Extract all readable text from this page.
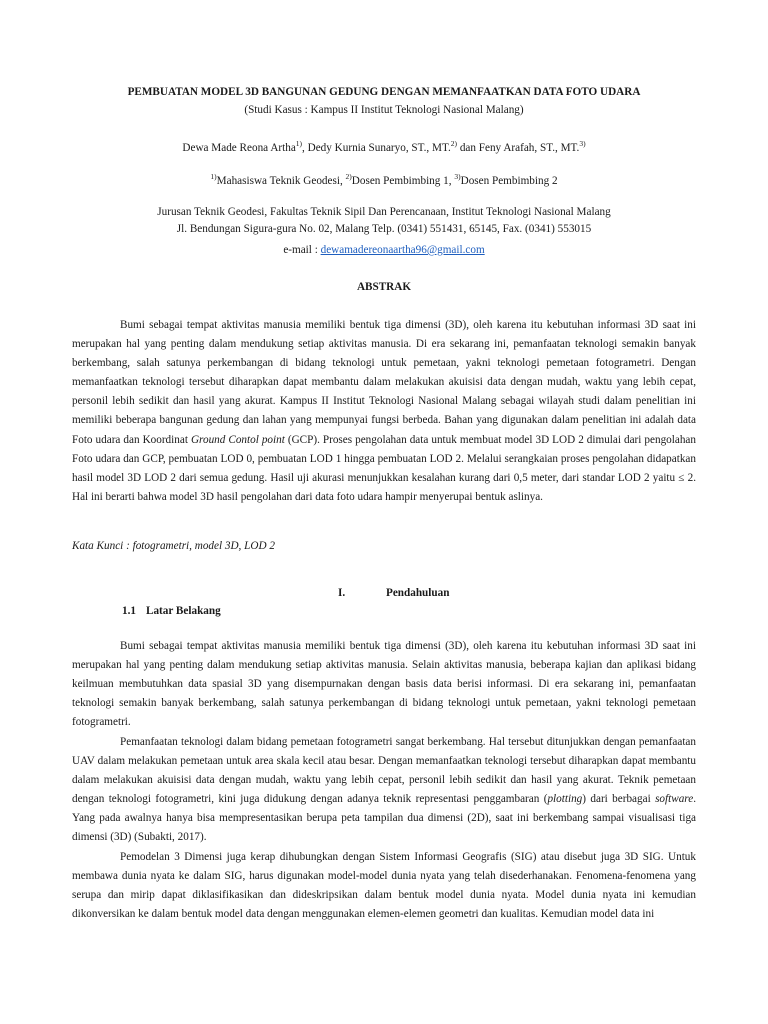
PEMBUATAN MODEL 3D BANGUNAN GEDUNG DENGAN MEMANFAATKAN DATA FOTO UDARA
(Studi Kasus : Kampus II Institut Teknologi Nasional Malang)
Dewa Made Reona Artha$^{1)}$, Dedy Kurnia Sunaryo, ST., MT.$^{2)}$ dan Feny Arafah, ST., MT.$^{3)}$
$^{1)}$Mahasiswa Teknik Geodesi, $^{2)}$Dosen Pembimbing 1, $^{3)}$Dosen Pembimbing 2
Jurusan Teknik Geodesi, Fakultas Teknik Sipil Dan Perencanaan, Institut Teknologi Nasional Malang
Jl. Bendungan Sigura-gura No. 02, Malang Telp. (0341) 551431, 65145, Fax. (0341) 553015
e-mail : dewamadereonaartha96@gmail.com
ABSTRAK
Bumi sebagai tempat aktivitas manusia memiliki bentuk tiga dimensi (3D), oleh karena itu kebutuhan informasi 3D saat ini merupakan hal yang penting dalam mendukung setiap aktivitas manusia. Di era sekarang ini, pemanfaatan teknologi semakin banyak berkembang, salah satunya perkembangan di bidang teknologi untuk pemetaan, yakni teknologi pemetaan fotogrametri. Dengan memanfaatkan teknologi tersebut diharapkan dapat membantu dalam melakukan akuisisi data dengan mudah, waktu yang lebih cepat, personil lebih sedikit dan hasil yang akurat. Kampus II Institut Teknologi Nasional Malang sebagai wilayah studi dalam penelitian ini memiliki beberapa bangunan gedung dan lahan yang mempunyai fungsi berbeda. Bahan yang digunakan dalam penelitian ini adalah data Foto udara dan Koordinat Ground Contol point (GCP). Proses pengolahan data untuk membuat model 3D LOD 2 dimulai dari pengolahan Foto udara dan GCP, pembuatan LOD 0, pembuatan LOD 1 hingga pembuatan LOD 2. Melalui serangkaian proses pengolahan didapatkan hasil model 3D LOD 2 dari semua gedung. Hasil uji akurasi menunjukkan kesalahan kurang dari 0,5 meter, dari standar LOD 2 yaitu ≤ 2. Hal ini berarti bahwa model 3D hasil pengolahan dari data foto udara hampir menyerupai bentuk aslinya.
Kata Kunci : fotogrametri, model 3D, LOD 2
I.	Pendahuluan
1.1 Latar Belakang
Bumi sebagai tempat aktivitas manusia memiliki bentuk tiga dimensi (3D), oleh karena itu kebutuhan informasi 3D saat ini merupakan hal yang penting dalam mendukung setiap aktivitas manusia. Selain aktivitas manusia, beberapa kajian dan aplikasi bidang keilmuan membutuhkan data spasial 3D yang disempurnakan dengan basis data berisi informasi. Di era sekarang ini, pemanfaatan teknologi semakin banyak berkembang, salah satunya perkembangan di bidang teknologi untuk pemetaan, yakni teknologi pemetaan fotogrametri.
Pemanfaatan teknologi dalam bidang pemetaan fotogrametri sangat berkembang. Hal tersebut ditunjukkan dengan pemanfaatan UAV dalam melakukan pemetaan untuk area skala kecil atau besar. Dengan memanfaatkan teknologi tersebut diharapkan dapat membantu dalam melakukan akuisisi data dengan mudah, waktu yang lebih cepat, personil lebih sedikit dan hasil yang akurat. Teknik pemetaan dengan teknologi fotogrametri, kini juga didukung dengan adanya teknik representasi penggambaran (plotting) dari berbagai software. Yang pada awalnya hanya bisa mempresentasikan berupa peta tampilan dua dimensi (2D), saat ini berkembang sampai visualisasi tiga dimensi (3D) (Subakti, 2017).
Pemodelan 3 Dimensi juga kerap dihubungkan dengan Sistem Informasi Geografis (SIG) atau disebut juga 3D SIG. Untuk membawa dunia nyata ke dalam SIG, harus digunakan model-model dunia nyata yang telah disederhanakan. Fenomena-fenomena yang serupa dan mirip dapat diklasifikasikan dan dideskripsikan dalam bentuk model dunia nyata. Model dunia nyata ini kemudian dikonversikan ke dalam bentuk model data dengan menggunakan elemen-elemen geometri dan kualitas. Kemudian model data ini
